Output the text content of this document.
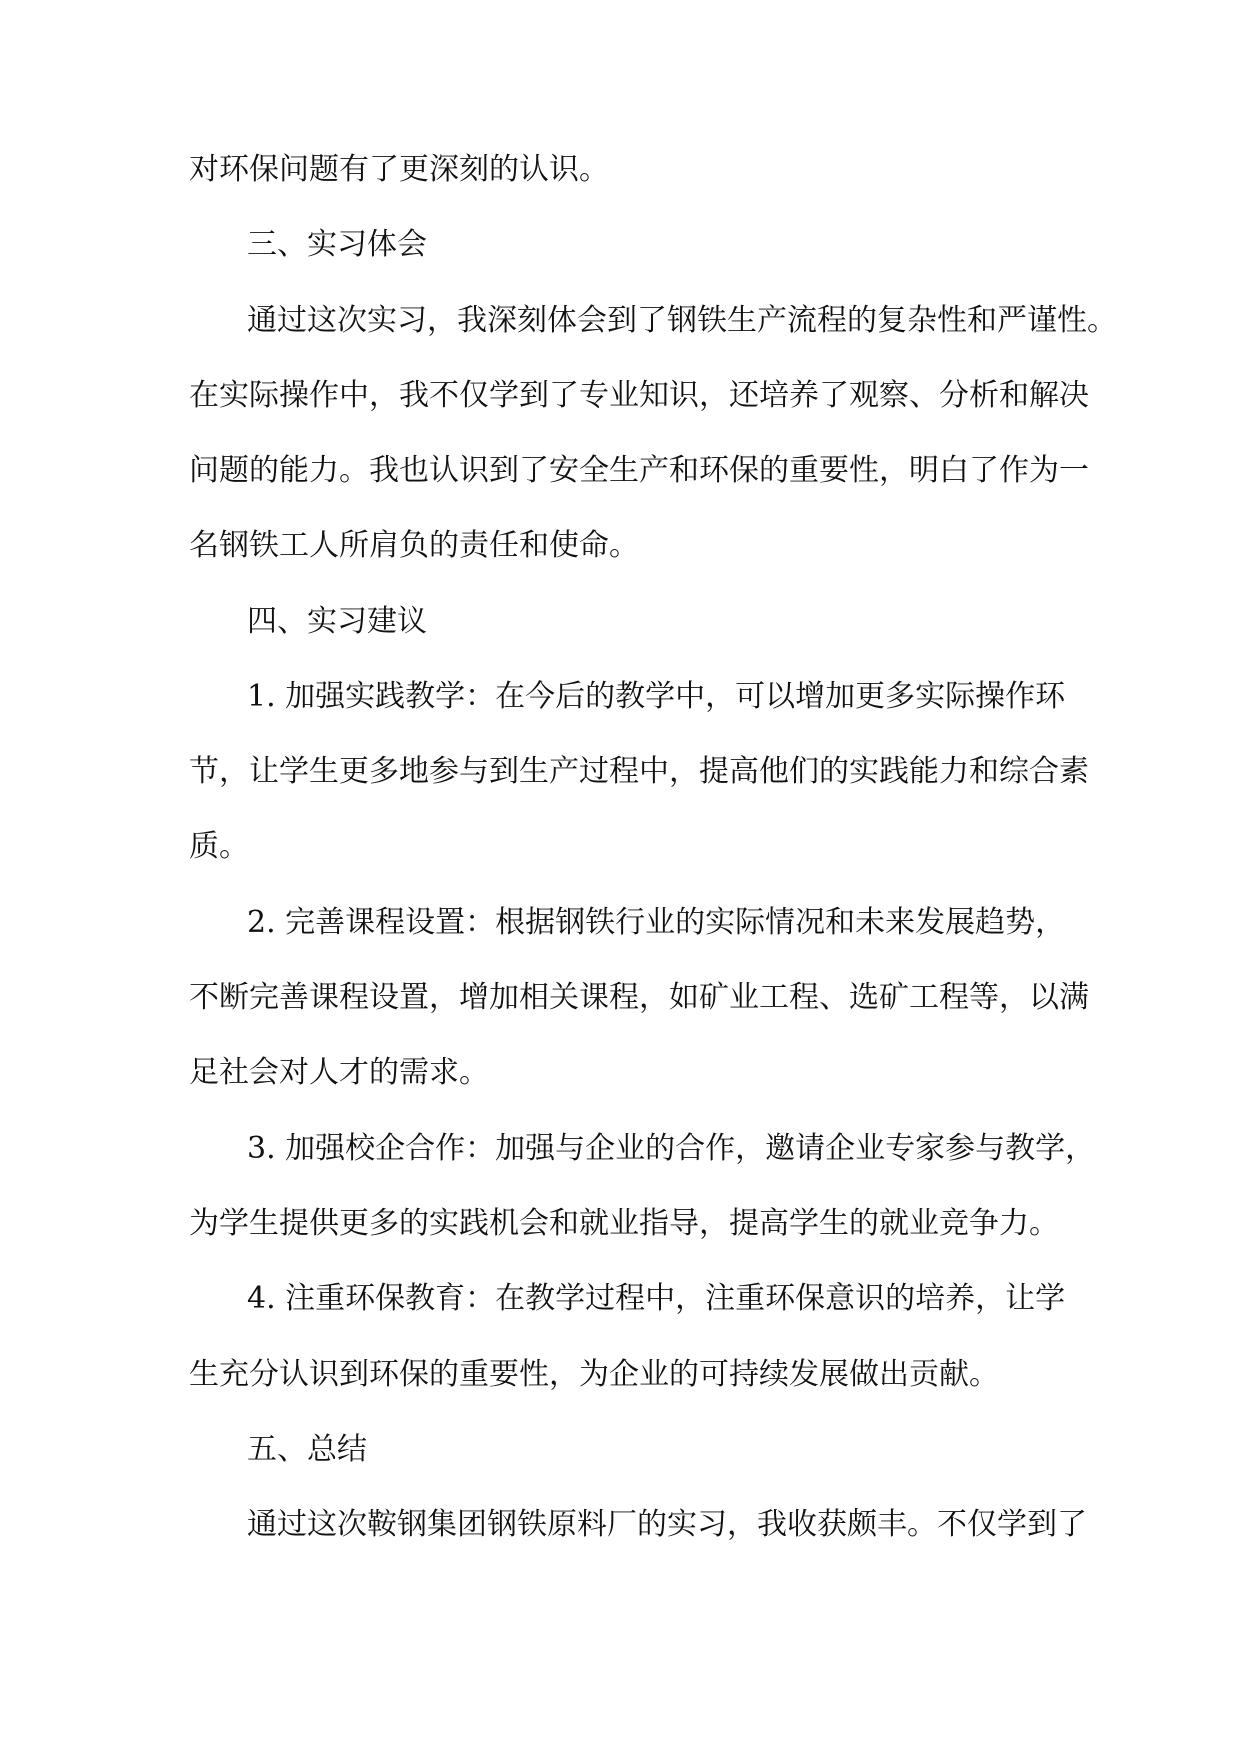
对环保问题有了更深刻的认识。
三、实习体会
通过这次实习，我深刻体会到了钢铁生产流程的复杂性和严谨性。
在实际操作中，我不仅学到了专业知识，还培养了观察、分析和解决
问题的能力。我也认识到了安全生产和环保的重要性，明白了作为一
名钢铁工人所肩负的责任和使命。
四、实习建议
1. 加强实践教学：在今后的教学中，可以增加更多实际操作环
节，让学生更多地参与到生产过程中，提高他们的实践能力和综合素
质。
2. 完善课程设置：根据钢铁行业的实际情况和未来发展趋势，
不断完善课程设置，增加相关课程，如矿业工程、选矿工程等，以满
足社会对人才的需求。
3. 加强校企合作：加强与企业的合作，邀请企业专家参与教学，
为学生提供更多的实践机会和就业指导，提高学生的就业竞争力。
4. 注重环保教育：在教学过程中，注重环保意识的培养，让学
生充分认识到环保的重要性，为企业的可持续发展做出贡献。
五、总结
通过这次鞍钢集团钢铁原料厂的实习，我收获颇丰。不仅学到了
